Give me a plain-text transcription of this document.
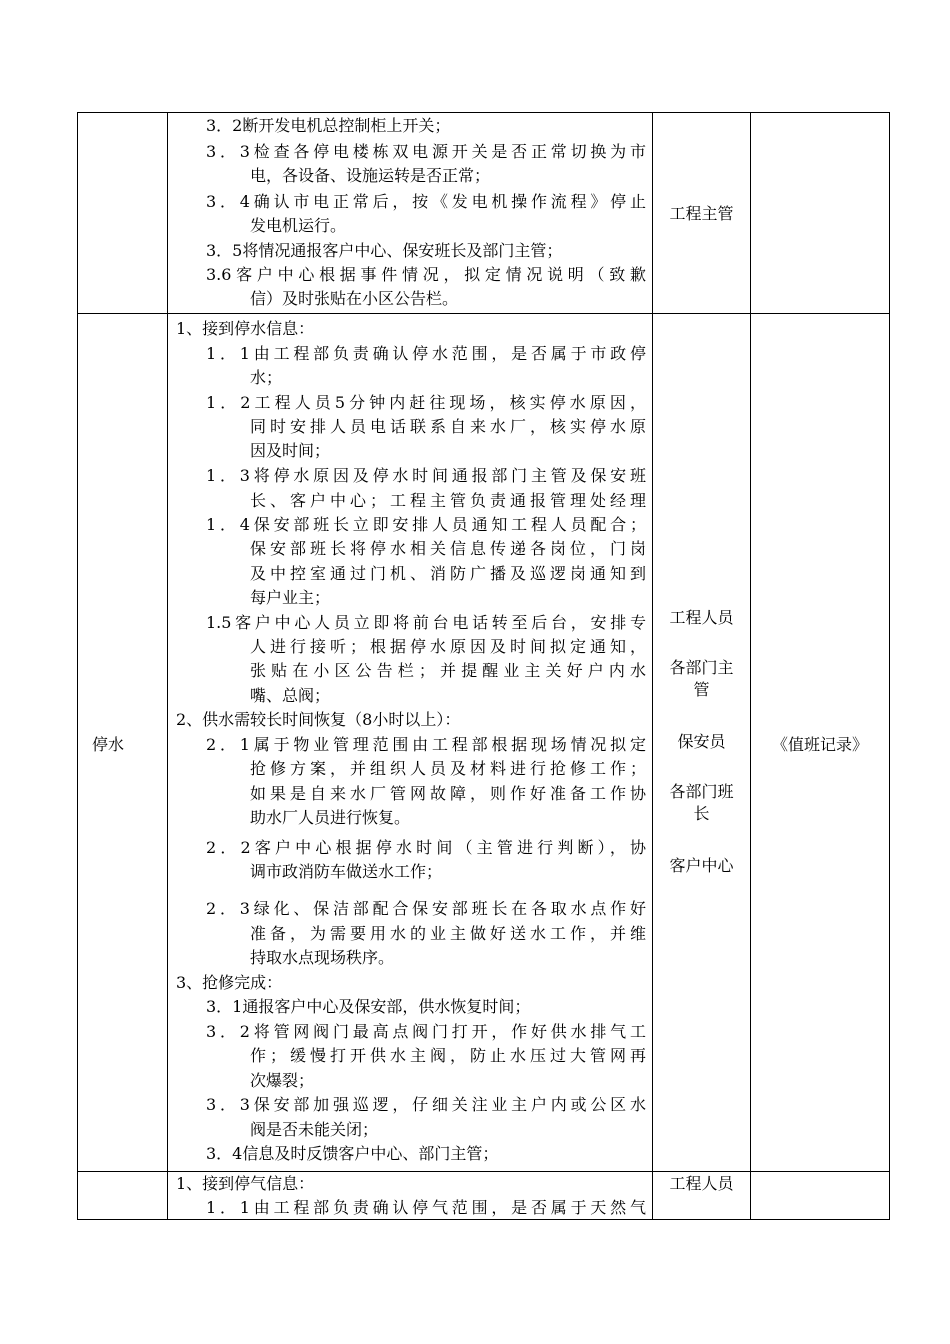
3．2断开发电机总控制柜上开关；
3．3检查各停电楼栋双电源开关是否正常切换为市
电，各设备、设施运转是否正常；
3．4确认市电正常后，按《发电机操作流程》停止
发电机运行。
3．5将情况通报客户中心、保安班长及部门主管；
3.6客户中心根据事件情况，拟定情况说明（致歉
信）及时张贴在小区公告栏。
工程主管
停水
1、接到停水信息：
1．1由工程部负责确认停水范围，是否属于市政停
水；
1．2工程人员5分钟内赶往现场，核实停水原因，
同时安排人员电话联系自来水厂，核实停水原
因及时间；
1．3将停水原因及停水时间通报部门主管及保安班
长、客户中心；工程主管负责通报管理处经理
1．4保安部班长立即安排人员通知工程人员配合；
保安部班长将停水相关信息传递各岗位，门岗
及中控室通过门机、消防广播及巡逻岗通知到
每户业主；
1.5客户中心人员立即将前台电话转至后台，安排专
人进行接听；根据停水原因及时间拟定通知，
张贴在小区公告栏；并提醒业主关好户内水
嘴、总阀；
2、供水需较长时间恢复（8小时以上）：
2．1属于物业管理范围由工程部根据现场情况拟定
抢修方案，并组织人员及材料进行抢修工作；
如果是自来水厂管网故障，则作好准备工作协
助水厂人员进行恢复。
2．2客户中心根据停水时间（主管进行判断），协
调市政消防车做送水工作；
2．3绿化、保洁部配合保安部班长在各取水点作好
准备，为需要用水的业主做好送水工作，并维
持取水点现场秩序。
3、抢修完成：
3．1通报客户中心及保安部，供水恢复时间；
3．2将管网阀门最高点阀门打开，作好供水排气工
作；缓慢打开供水主阀，防止水压过大管网再
次爆裂；
3．3保安部加强巡逻，仔细关注业主户内或公区水
阀是否未能关闭；
3．4信息及时反馈客户中心、部门主管；
工程人员
各部门主管
保安员
各部门班长
客户中心
《值班记录》
1、接到停气信息：
1．1由工程部负责确认停气范围，是否属于天然气
工程人员
